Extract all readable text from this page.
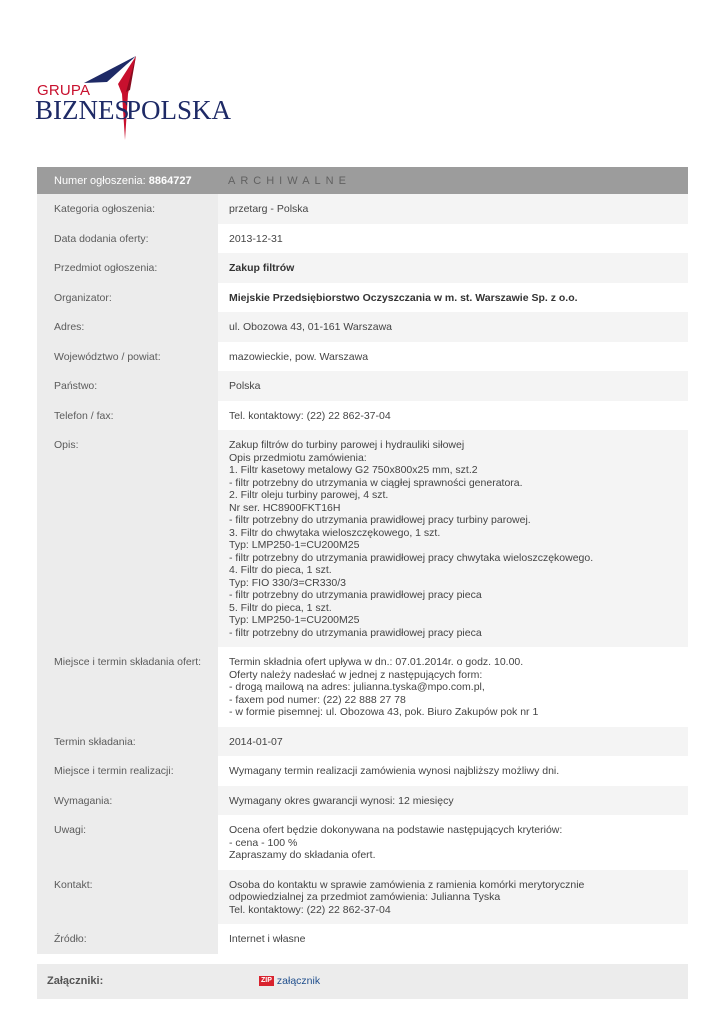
GRUPA
BIZNES
POLSKA
Numer ogłoszenia: 8864727	ARCHIWALNE
Kategoria ogłoszenia:	przetarg - Polska
Data dodania oferty:	2013-12-31
Przedmiot ogłoszenia:	Zakup filtrów
Organizator:	Miejskie Przedsiębiorstwo Oczyszczania w m. st. Warszawie Sp. z o.o.
Adres:	ul. Obozowa 43, 01-161 Warszawa
Województwo / powiat:	mazowieckie, pow. Warszawa
Państwo:	Polska
Telefon / fax:	Tel. kontaktowy: (22) 22 862-37-04
Opis:	Zakup filtrów do turbiny parowej i hydrauliki siłowej
Opis przedmiotu zamówienia:
1. Filtr kasetowy metalowy G2 750x800x25 mm, szt.2
- filtr potrzebny do utrzymania w ciągłej sprawności generatora.
2. Filtr oleju turbiny parowej, 4 szt.
Nr ser. HC8900FKT16H
- filtr potrzebny do utrzymania prawidłowej pracy turbiny parowej.
3. Filtr do chwytaka wieloszczękowego, 1 szt.
Typ: LMP250-1=CU200M25
- filtr potrzebny do utrzymania prawidłowej pracy chwytaka wieloszczękowego.
4. Filtr do pieca, 1 szt.
Typ: FIO 330/3=CR330/3
- filtr potrzebny do utrzymania prawidłowej pracy pieca
5. Filtr do pieca, 1 szt.
Typ: LMP250-1=CU200M25
- filtr potrzebny do utrzymania prawidłowej pracy pieca
Miejsce i termin składania ofert:	Termin składnia ofert upływa w dn.: 07.01.2014r. o godz. 10.00.
Oferty należy nadesłać w jednej z następujących form:
- drogą mailową na adres: julianna.tyska@mpo.com.pl,
- faxem pod numer: (22) 22 888 27 78
- w formie pisemnej: ul. Obozowa 43, pok. Biuro Zakupów pok nr 1
Termin składania:	2014-01-07
Miejsce i termin realizacji:	Wymagany termin realizacji zamówienia wynosi najbliższy możliwy dni.
Wymagania:	Wymagany okres gwarancji wynosi: 12 miesięcy
Uwagi:	Ocena ofert będzie dokonywana na podstawie następujących kryteriów:
- cena - 100 %
Zapraszamy do składania ofert.
Kontakt:	Osoba do kontaktu w sprawie zamówienia z ramienia komórki merytorycznie
odpowiedzialnej za przedmiot zamówienia: Julianna Tyska
Tel. kontaktowy: (22) 22 862-37-04
Źródło:	Internet i własne
Załączniki:	ZIP załącznik
